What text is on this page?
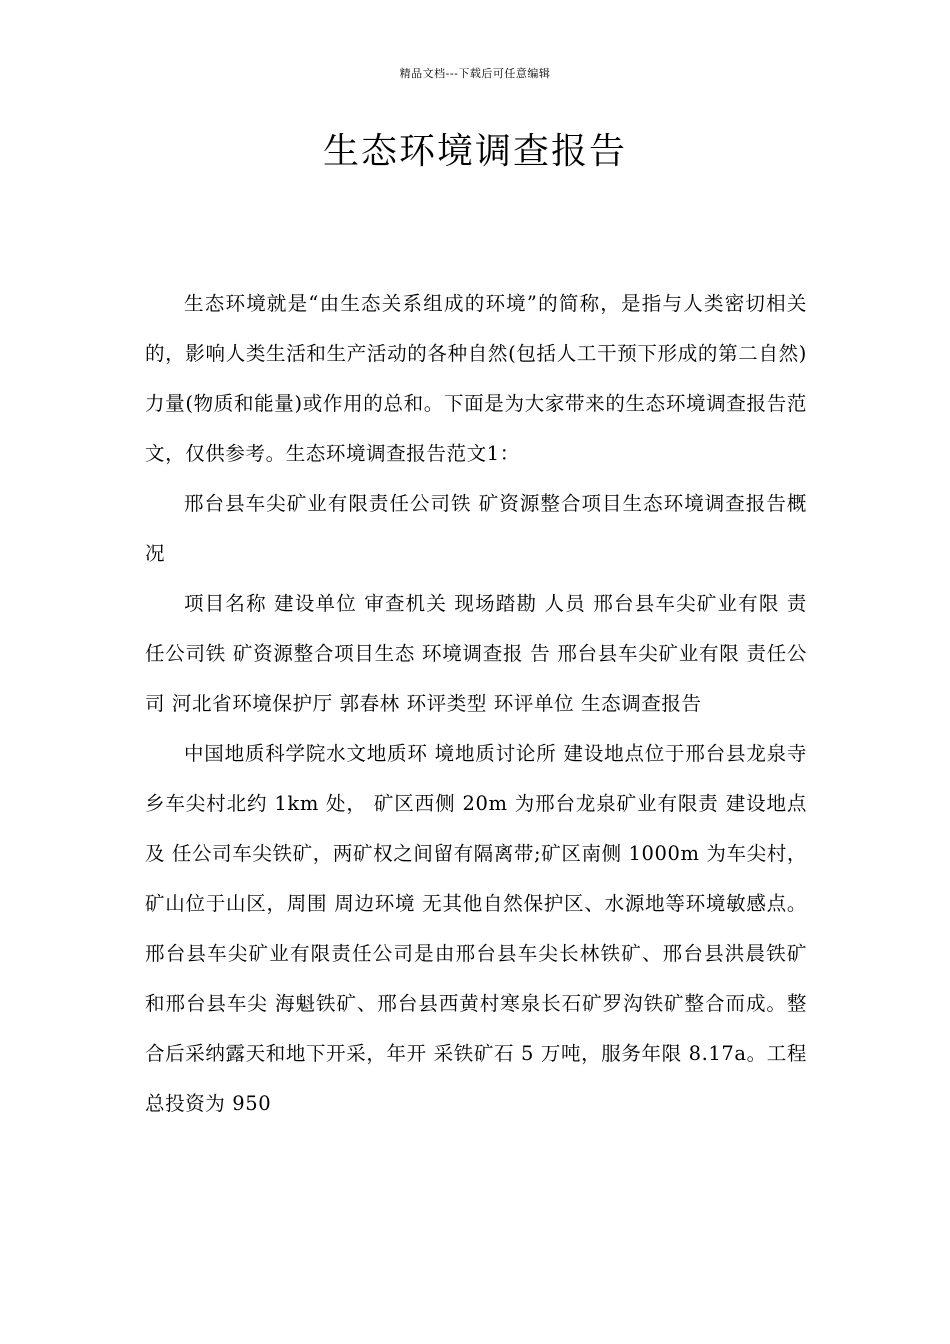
精品文档---下载后可任意编辑
生态环境调查报告

生态环境就是“由生态关系组成的环境”的简称，是指与人类密切相关的，影响人类生活和生产活动的各种自然(包括人工干预下形成的第二自然)力量(物质和能量)或作用的总和。下面是为大家带来的生态环境调查报告范文，仅供参考。生态环境调查报告范文1：

邢台县车尖矿业有限责任公司铁 矿资源整合项目生态环境调查报告概况

项目名称 建设单位 审查机关 现场踏勘 人员 邢台县车尖矿业有限 责任公司铁 矿资源整合项目生态 环境调查报 告 邢台县车尖矿业有限 责任公司 河北省环境保护厅 郭春林 环评类型 环评单位 生态调查报告

中国地质科学院水文地质环 境地质讨论所 建设地点位于邢台县龙泉寺乡车尖村北约 1km 处， 矿区西侧 20m 为邢台龙泉矿业有限责 建设地点及 任公司车尖铁矿，两矿权之间留有隔离带;矿区南侧 1000m 为车尖村，矿山位于山区，周围 周边环境 无其他自然保护区、水源地等环境敏感点。 邢台县车尖矿业有限责任公司是由邢台县车尖长林铁矿、邢台县洪晨铁矿和邢台县车尖 海魁铁矿、邢台县西黄村寒泉长石矿罗沟铁矿整合而成。整合后采纳露天和地下开采，年开 采铁矿石 5 万吨，服务年限 8.17a。工程总投资为 950
